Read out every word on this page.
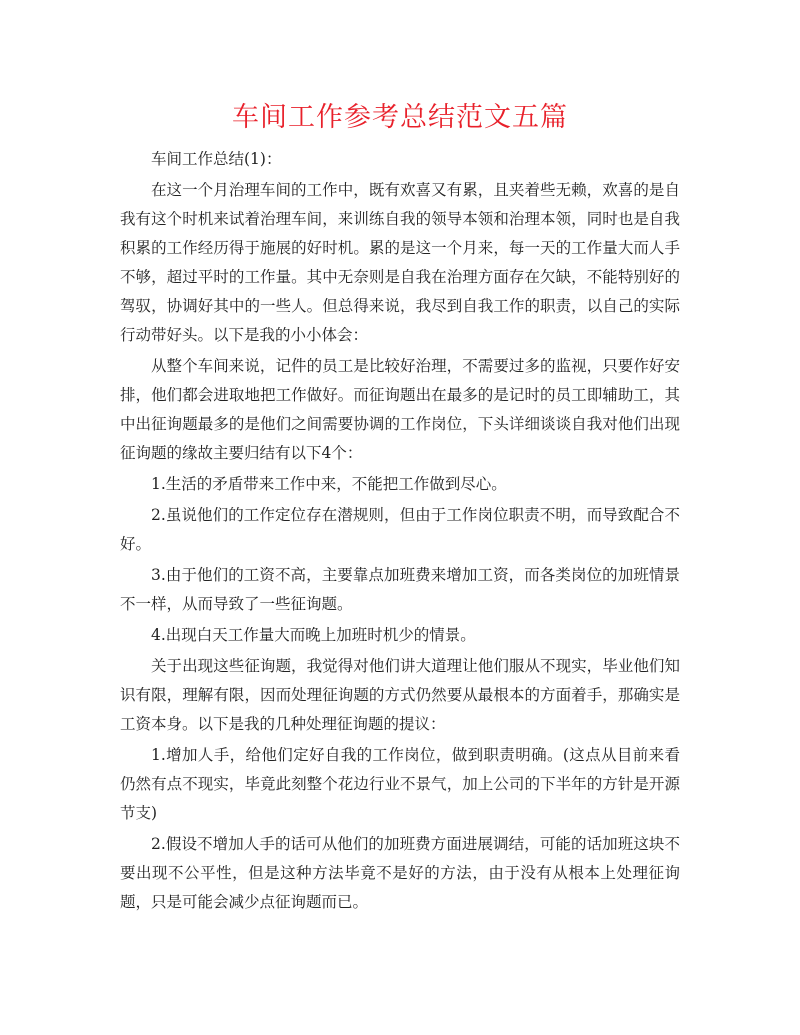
车间工作参考总结范文五篇

车间工作总结(1)：

在这一个月治理车间的工作中，既有欢喜又有累，且夹着些无赖，欢喜的是自我有这个时机来试着治理车间，来训练自我的领导本领和治理本领，同时也是自我积累的工作经历得于施展的好时机。累的是这一个月来，每一天的工作量大而人手不够，超过平时的工作量。其中无奈则是自我在治理方面存在欠缺，不能特别好的驾驭，协调好其中的一些人。但总得来说，我尽到自我工作的职责，以自己的实际行动带好头。以下是我的小小体会：

从整个车间来说，记件的员工是比较好治理，不需要过多的监视，只要作好安排，他们都会进取地把工作做好。而征询题出在最多的是记时的员工即辅助工，其中出征询题最多的是他们之间需要协调的工作岗位，下头详细谈谈自我对他们出现征询题的缘故主要归结有以下4个：

1.生活的矛盾带来工作中来，不能把工作做到尽心。

2.虽说他们的工作定位存在潜规则，但由于工作岗位职责不明，而导致配合不好。

3.由于他们的工资不高，主要靠点加班费来增加工资，而各类岗位的加班情景不一样，从而导致了一些征询题。

4.出现白天工作量大而晚上加班时机少的情景。

关于出现这些征询题，我觉得对他们讲大道理让他们服从不现实，毕业他们知识有限，理解有限，因而处理征询题的方式仍然要从最根本的方面着手，那确实是工资本身。以下是我的几种处理征询题的提议：

1.增加人手，给他们定好自我的工作岗位，做到职责明确。(这点从目前来看仍然有点不现实，毕竟此刻整个花边行业不景气，加上公司的下半年的方针是开源节支)

2.假设不增加人手的话可从他们的加班费方面进展调结，可能的话加班这块不要出现不公平性，但是这种方法毕竟不是好的方法，由于没有从根本上处理征询题，只是可能会减少点征询题而已。
